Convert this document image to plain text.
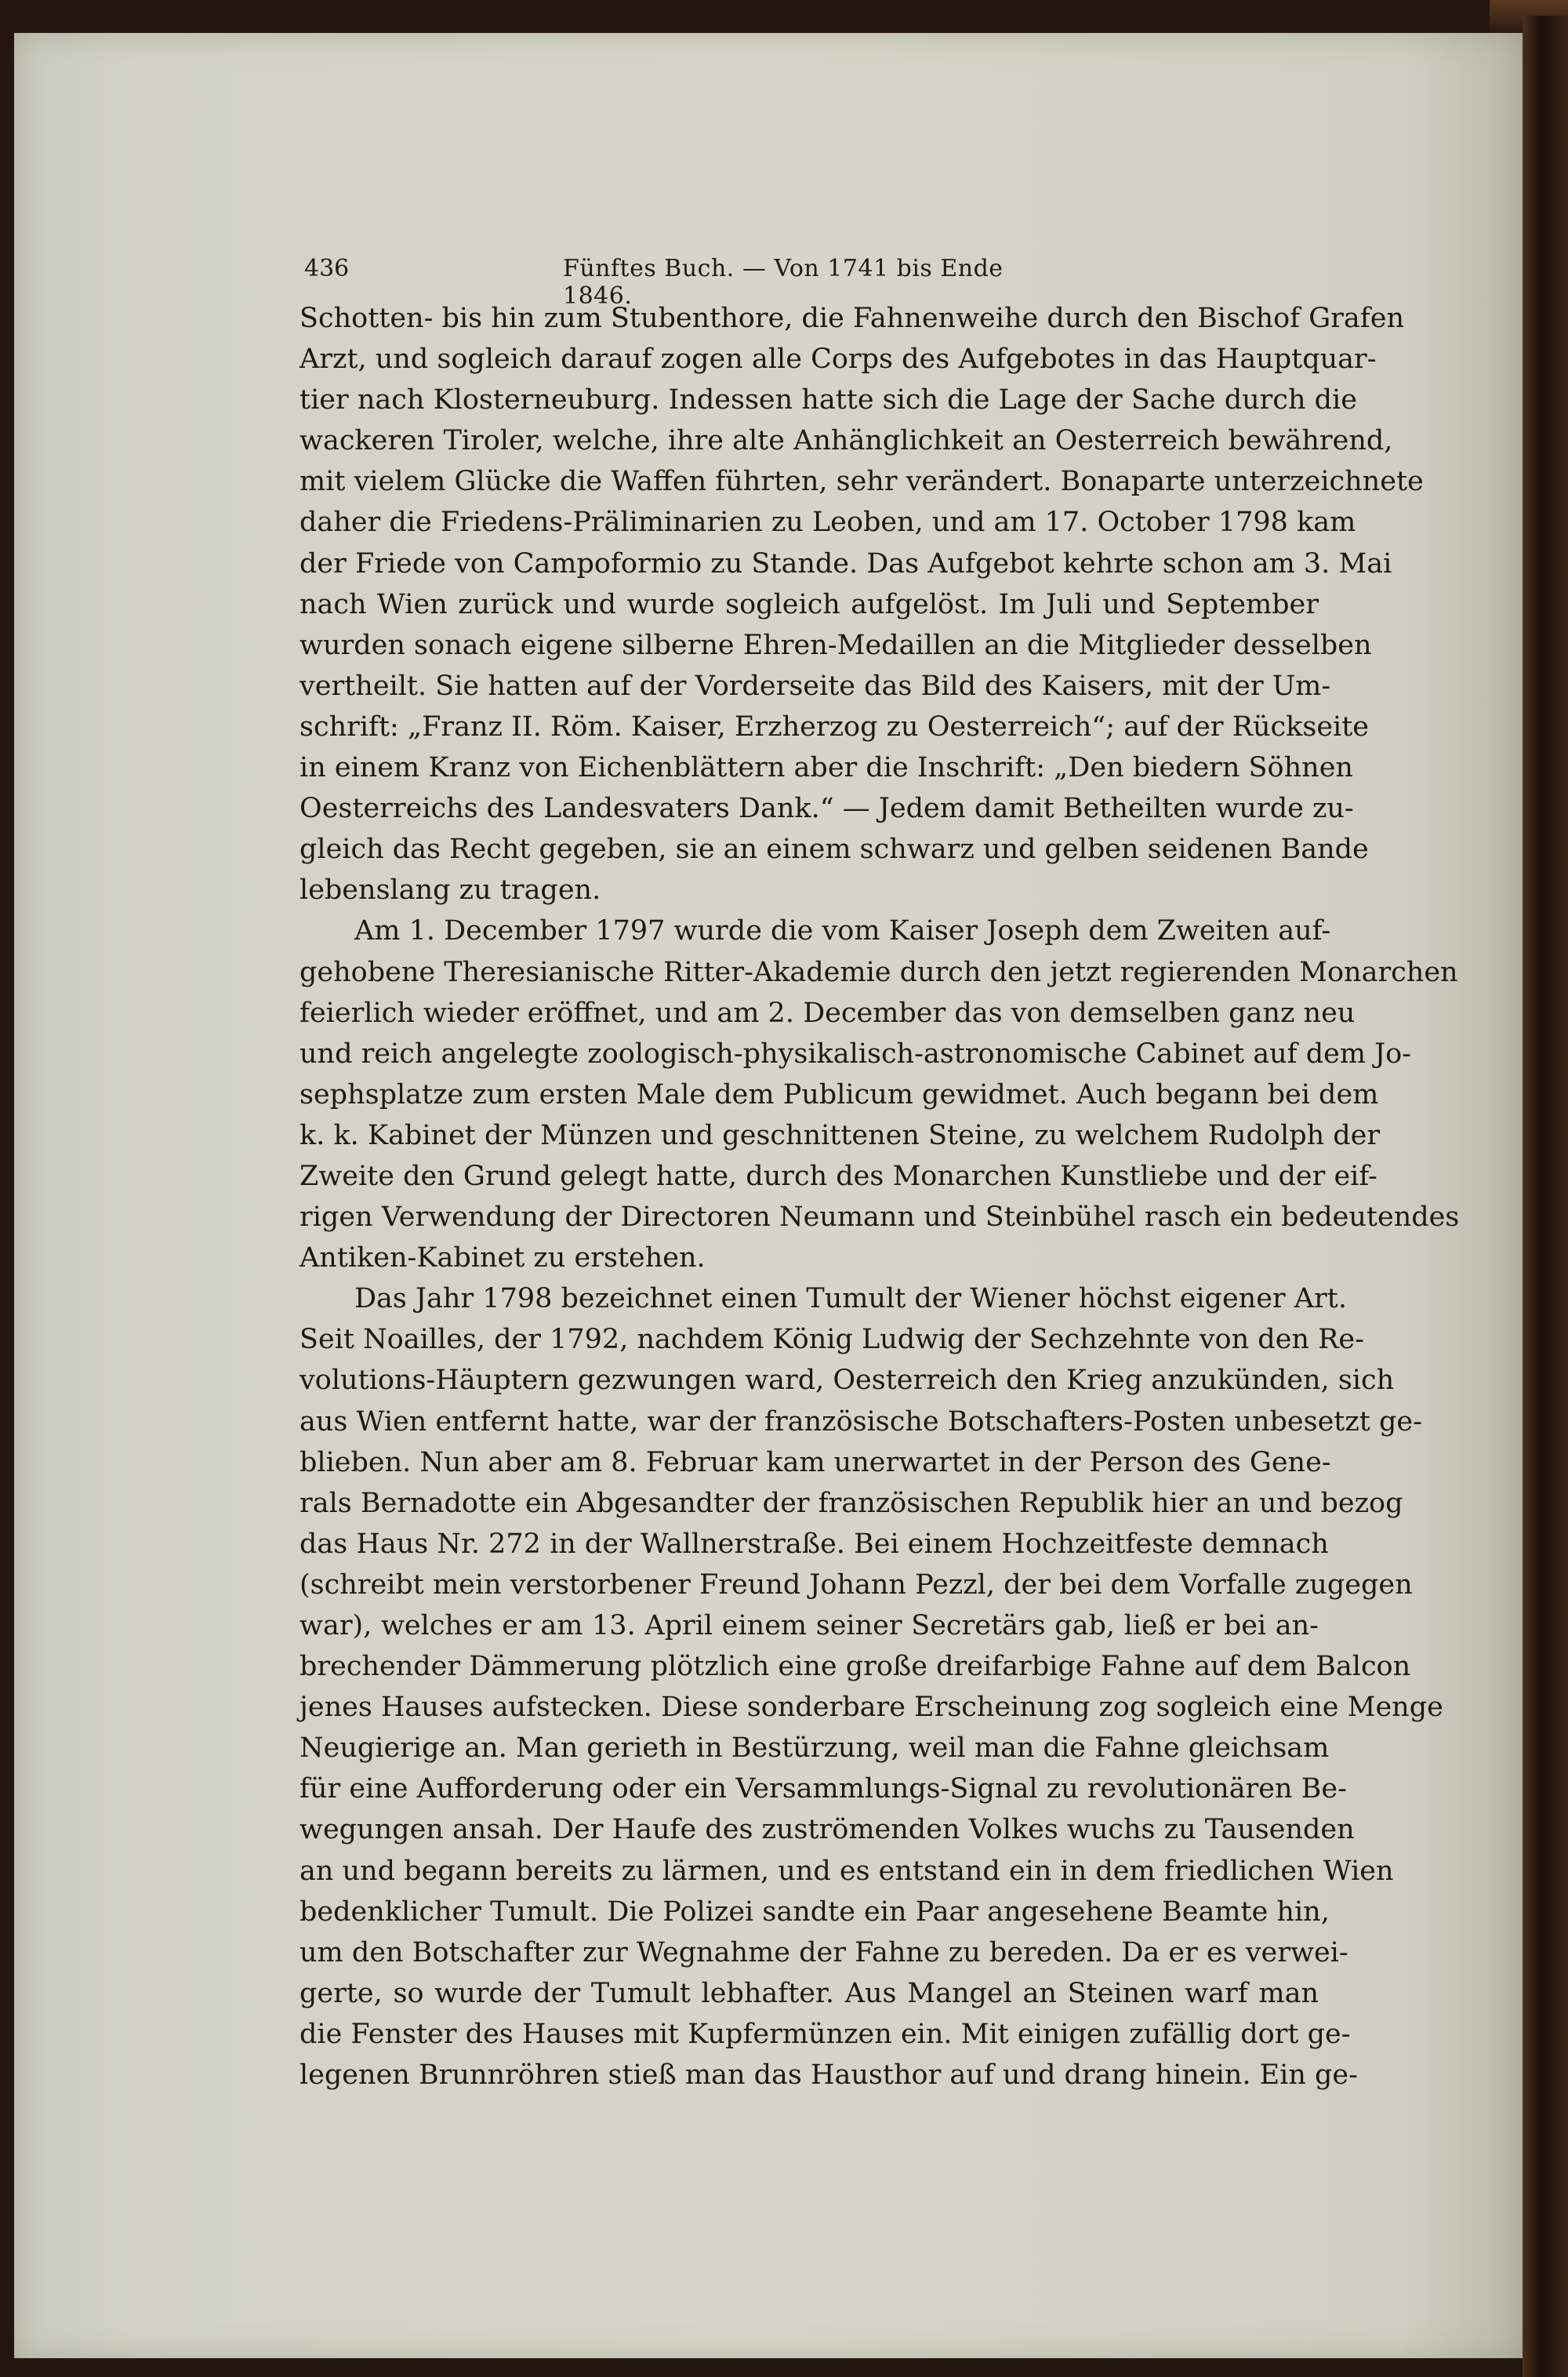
436	Fünftes Buch. — Von 1741 bis Ende 1846.
Schotten- bis hin zum Stubenthore, die Fahnenweihe durch den Bischof Grafen
Arzt, und sogleich darauf zogen alle Corps des Aufgebotes in das Hauptquar-
tier nach Klosterneuburg. Indessen hatte sich die Lage der Sache durch die
wackeren Tiroler, welche, ihre alte Anhänglichkeit an Oesterreich bewährend,
mit vielem Glücke die Waffen führten, sehr verändert. Bonaparte unterzeichnete
daher die Friedens-Präliminarien zu Leoben, und am 17. October 1798 kam
der Friede von Campoformio zu Stande. Das Aufgebot kehrte schon am 3. Mai
nach Wien zurück und wurde sogleich aufgelöst. Im Juli und September
wurden sonach eigene silberne Ehren-Medaillen an die Mitglieder desselben
vertheilt. Sie hatten auf der Vorderseite das Bild des Kaisers, mit der Um-
schrift: „Franz II. Röm. Kaiser, Erzherzog zu Oesterreich“; auf der Rückseite
in einem Kranz von Eichenblättern aber die Inschrift: „Den biedern Söhnen
Oesterreichs des Landesvaters Dank.“ — Jedem damit Betheilten wurde zu-
gleich das Recht gegeben, sie an einem schwarz und gelben seidenen Bande
lebenslang zu tragen.
Am 1. December 1797 wurde die vom Kaiser Joseph dem Zweiten auf-
gehobene Theresianische Ritter-Akademie durch den jetzt regierenden Monarchen
feierlich wieder eröffnet, und am 2. December das von demselben ganz neu
und reich angelegte zoologisch-physikalisch-astronomische Cabinet auf dem Jo-
sephsplatze zum ersten Male dem Publicum gewidmet. Auch begann bei dem
k. k. Kabinet der Münzen und geschnittenen Steine, zu welchem Rudolph der
Zweite den Grund gelegt hatte, durch des Monarchen Kunstliebe und der eif-
rigen Verwendung der Directoren Neumann und Steinbühel rasch ein bedeutendes
Antiken-Kabinet zu erstehen.
Das Jahr 1798 bezeichnet einen Tumult der Wiener höchst eigener Art.
Seit Noailles, der 1792, nachdem König Ludwig der Sechzehnte von den Re-
volutions-Häuptern gezwungen ward, Oesterreich den Krieg anzukünden, sich
aus Wien entfernt hatte, war der französische Botschafters-Posten unbesetzt ge-
blieben. Nun aber am 8. Februar kam unerwartet in der Person des Gene-
rals Bernadotte ein Abgesandter der französischen Republik hier an und bezog
das Haus Nr. 272 in der Wallnerstraße. Bei einem Hochzeitfeste demnach
(schreibt mein verstorbener Freund Johann Pezzl, der bei dem Vorfalle zugegen
war), welches er am 13. April einem seiner Secretärs gab, ließ er bei an-
brechender Dämmerung plötzlich eine große dreifarbige Fahne auf dem Balcon
jenes Hauses aufstecken. Diese sonderbare Erscheinung zog sogleich eine Menge
Neugierige an. Man gerieth in Bestürzung, weil man die Fahne gleichsam
für eine Aufforderung oder ein Versammlungs-Signal zu revolutionären Be-
wegungen ansah. Der Haufe des zuströmenden Volkes wuchs zu Tausenden
an und begann bereits zu lärmen, und es entstand ein in dem friedlichen Wien
bedenklicher Tumult. Die Polizei sandte ein Paar angesehene Beamte hin,
um den Botschafter zur Wegnahme der Fahne zu bereden. Da er es verwei-
gerte, so wurde der Tumult lebhafter. Aus Mangel an Steinen warf man
die Fenster des Hauses mit Kupfermünzen ein. Mit einigen zufällig dort ge-
legenen Brunnröhren stieß man das Hausthor auf und drang hinein. Ein ge-
